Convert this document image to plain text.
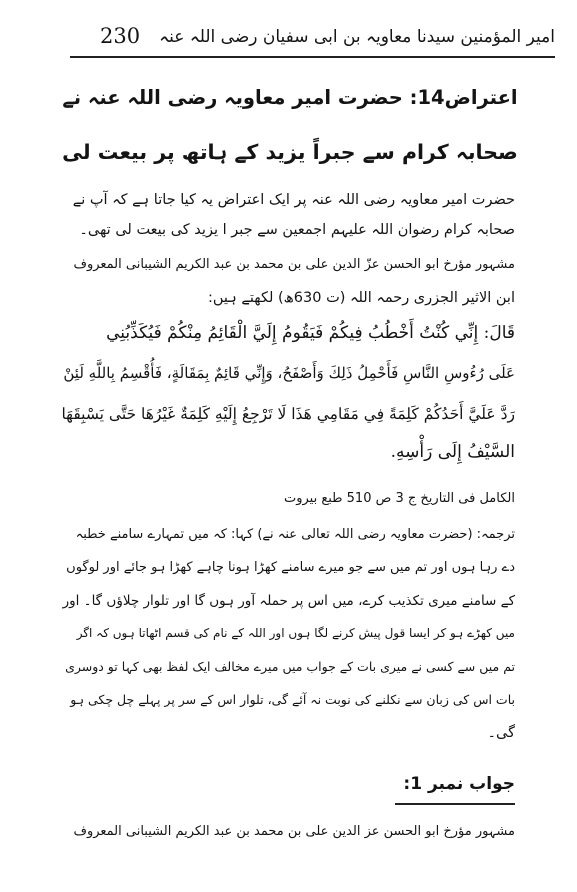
230 امیر المؤمنین سیدنا معاویہ بن ابی سفیان رضی اللہ عنہ
اعتراض14: حضرت امیر معاویہ رضی اللہ عنہ نے
صحابہ کرام سے جبراً یزید کے ہاتھ پر بیعت لی
حضرت امیر معاویہ رضی اللہ عنہ پر ایک اعتراض یہ کیا جاتا ہے کہ آپ نے
صحابہ کرام رضوان اللہ علیہم اجمعین سے جبر ا یزید کی بیعت لی تھی۔
مشہور مؤرخ ابو الحسن عزّ الدین علی بن محمد بن عبد الکریم الشیبانی المعروف
ابن الاثیر الجزری رحمہ اللہ (ت 630ھ) لکھتے ہیں:
قَالَ: إِنِّي كُنْتُ أَخْطُبُ فِيكُمْ فَيَقُومُ إِلَيَّ الْقَائِمُ مِنْكُمْ فَيُكَذِّبُنِي
عَلَى رُءُوسِ النَّاسِ فَأَحْمِلُ ذَلِكَ وَأَصْفَحُ، وَإِنِّي قَائِمٌ بِمَقَالَةٍ، فَأُقْسِمُ بِاللَّهِ لَئِنْ
رَدَّ عَلَيَّ أَحَدُكُمْ كَلِمَةً فِي مَقَامِي هَذَا لَا تَرْجِعُ إِلَيْهِ كَلِمَةٌ غَيْرُهَا حَتَّى يَسْبِقَهَا
السَّيْفُ إِلَى رَأْسِهِ.
الکامل فی التاریخ ج 3 ص 510 طبع بیروت
ترجمہ: (حضرت معاویہ رضی اللہ تعالی عنہ نے) کہا: کہ میں تمہارے سامنے خطبہ
دے رہا ہوں اور تم میں سے جو میرے سامنے کھڑا ہونا چاہے کھڑا ہو جائے اور لوگوں
کے سامنے میری تکذیب کرے، میں اس پر حملہ آور ہوں گا اور تلوار چلاؤں گا۔ اور
میں کھڑے ہو کر ایسا قول پیش کرنے لگا ہوں اور اللہ کے نام کی قسم اٹھاتا ہوں کہ اگر
تم میں سے کسی نے میری بات کے جواب میں میرے مخالف ایک لفظ بھی کہا تو دوسری
بات اس کی زبان سے نکلنے کی نوبت نہ آئے گی، تلوار اس کے سر پر پہلے چل چکی ہو
گی۔
جواب نمبر 1:
مشہور مؤرخ ابو الحسن عز الدین علی بن محمد بن عبد الکریم الشیبانی المعروف
